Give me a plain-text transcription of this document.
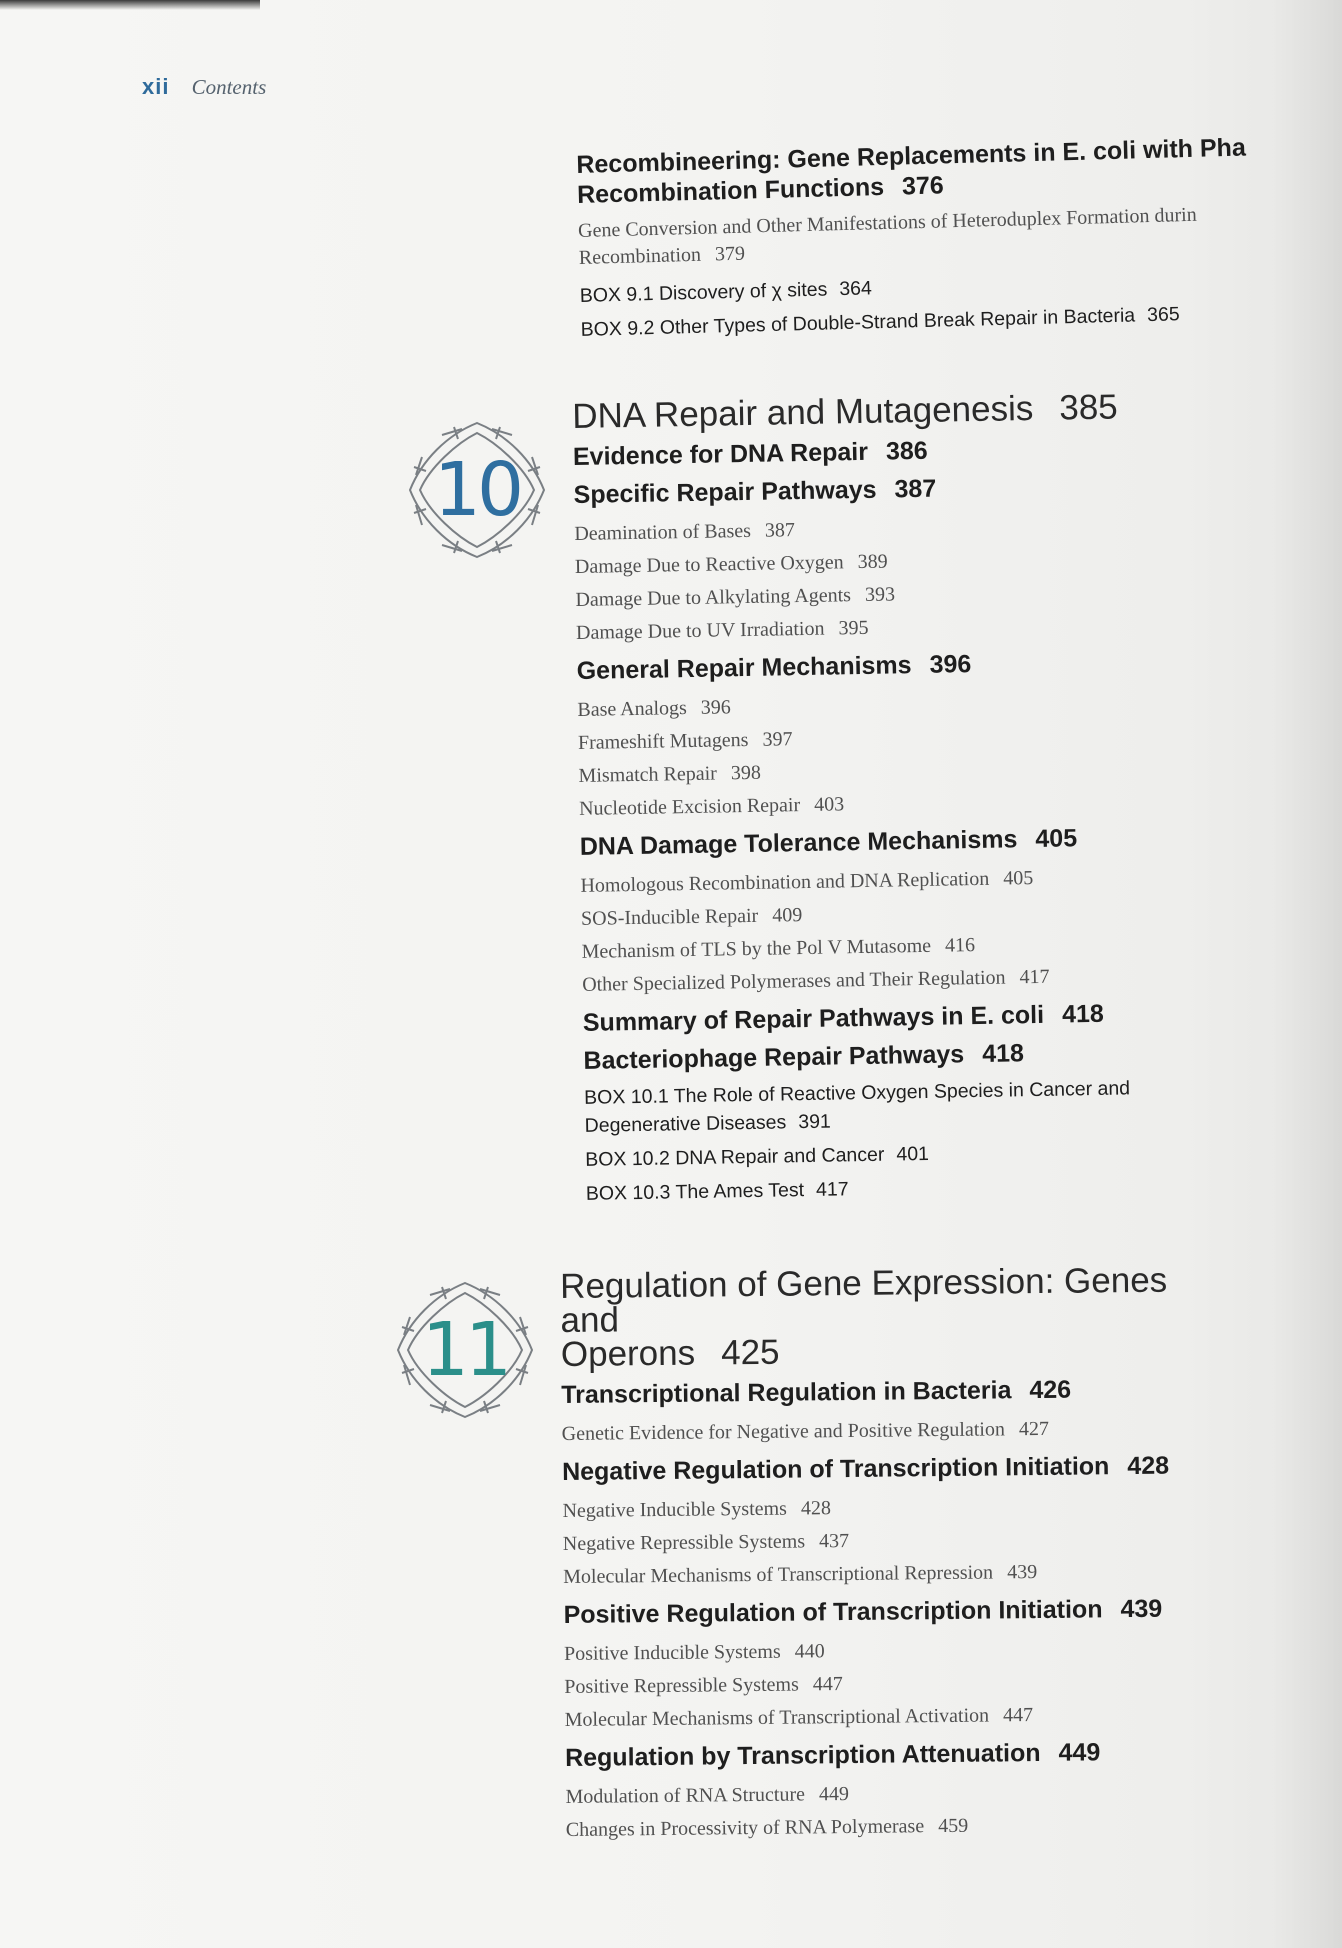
xii Contents
Recombineering: Gene Replacements in E. coli with Pha
Recombination Functions 376
Gene Conversion and Other Manifestations of Heteroduplex Formation durin
Recombination 379
BOX 9.1 Discovery of χ sites 364
BOX 9.2 Other Types of Double-Strand Break Repair in Bacteria 365
10
DNA Repair and Mutagenesis 385
Evidence for DNA Repair 386
Specific Repair Pathways 387
Deamination of Bases 387
Damage Due to Reactive Oxygen 389
Damage Due to Alkylating Agents 393
Damage Due to UV Irradiation 395
General Repair Mechanisms 396
Base Analogs 396
Frameshift Mutagens 397
Mismatch Repair 398
Nucleotide Excision Repair 403
DNA Damage Tolerance Mechanisms 405
Homologous Recombination and DNA Replication 405
SOS-Inducible Repair 409
Mechanism of TLS by the Pol V Mutasome 416
Other Specialized Polymerases and Their Regulation 417
Summary of Repair Pathways in E. coli 418
Bacteriophage Repair Pathways 418
BOX 10.1 The Role of Reactive Oxygen Species in Cancer and
Degenerative Diseases 391
BOX 10.2 DNA Repair and Cancer 401
BOX 10.3 The Ames Test 417
11
Regulation of Gene Expression: Genes and
Operons 425
Transcriptional Regulation in Bacteria 426
Genetic Evidence for Negative and Positive Regulation 427
Negative Regulation of Transcription Initiation 428
Negative Inducible Systems 428
Negative Repressible Systems 437
Molecular Mechanisms of Transcriptional Repression 439
Positive Regulation of Transcription Initiation 439
Positive Inducible Systems 440
Positive Repressible Systems 447
Molecular Mechanisms of Transcriptional Activation 447
Regulation by Transcription Attenuation 449
Modulation of RNA Structure 449
Changes in Processivity of RNA Polymerase 459
